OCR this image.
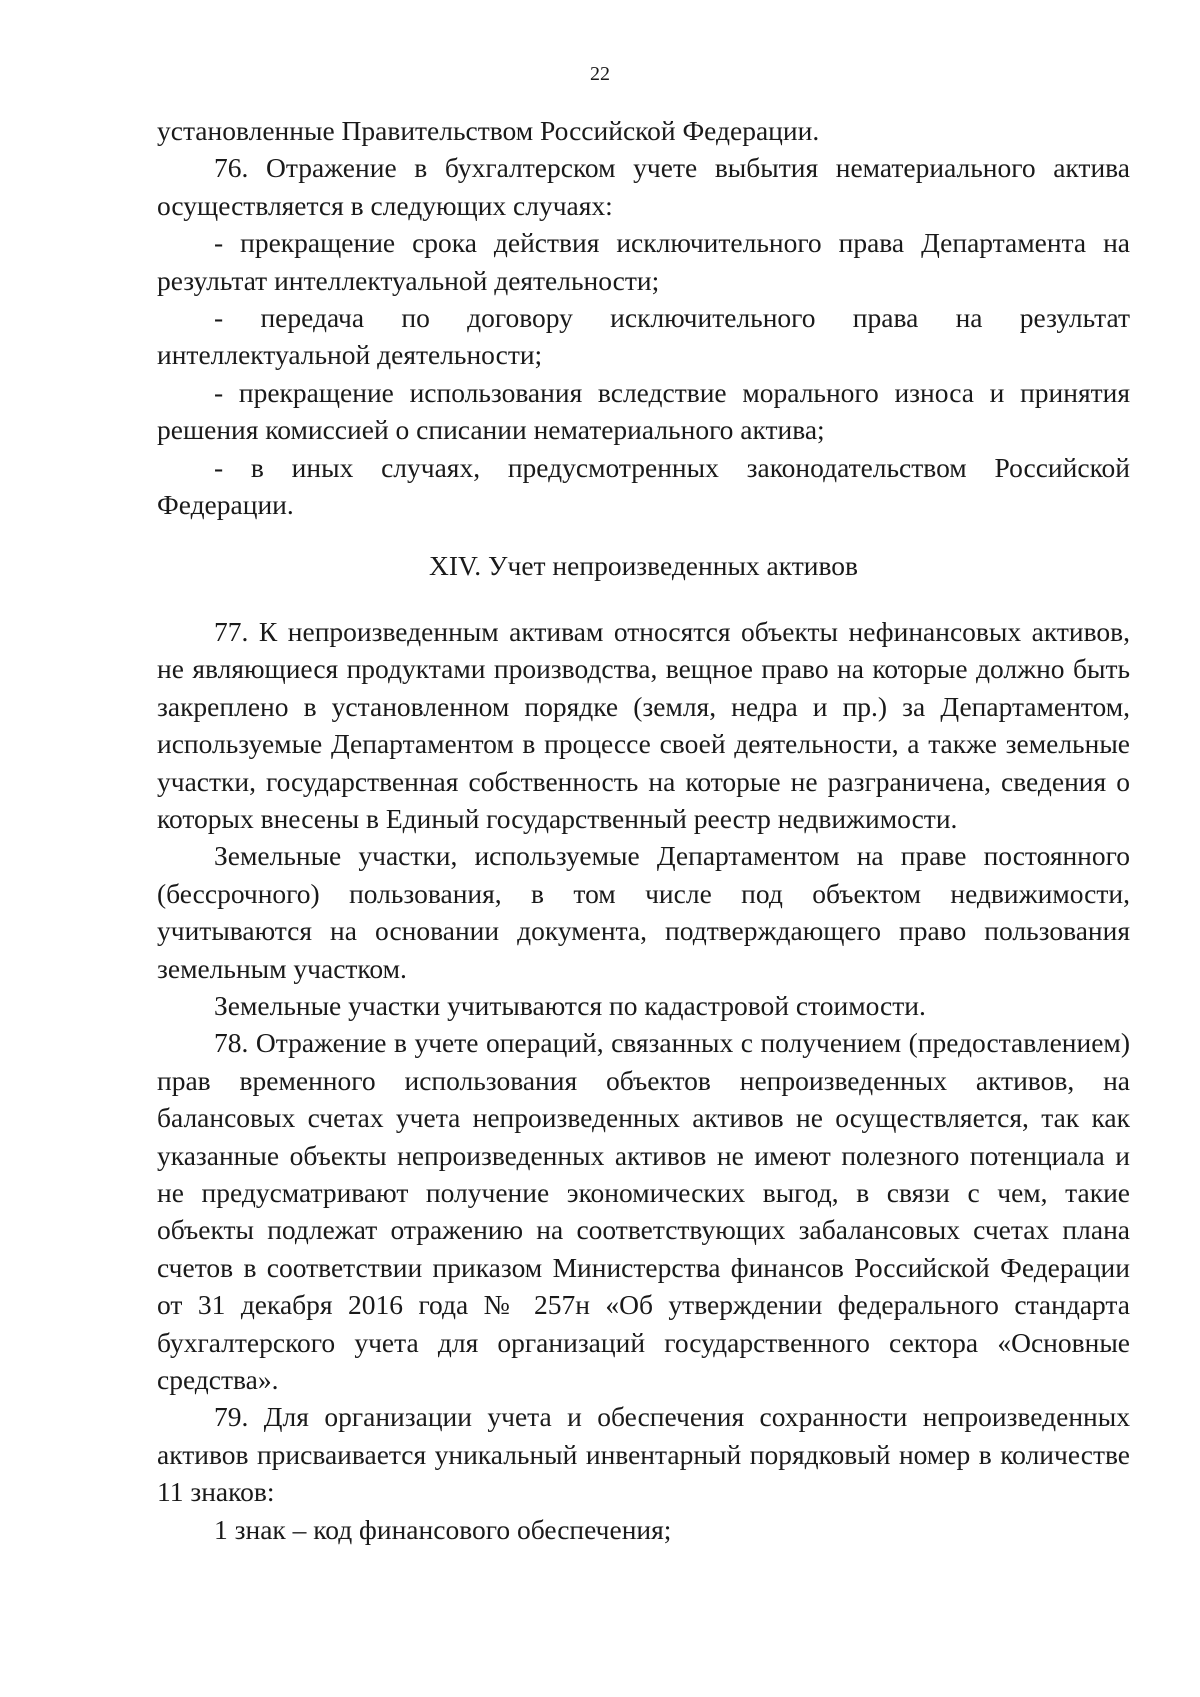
22

установленные Правительством Российской Федерации.

76. Отражение в бухгалтерском учете выбытия нематериального актива осуществляется в следующих случаях:

- прекращение срока действия исключительного права Департамента на результат интеллектуальной деятельности;

- передача по договору исключительного права на результат интеллектуальной деятельности;

- прекращение использования вследствие морального износа и принятия решения комиссией о списании нематериального актива;

- в иных случаях, предусмотренных законодательством Российской Федерации.

XIV. Учет непроизведенных активов

77. К непроизведенным активам относятся объекты нефинансовых активов, не являющиеся продуктами производства, вещное право на которые должно быть закреплено в установленном порядке (земля, недра и пр.) за Департаментом, используемые Департаментом в процессе своей деятельности, а также земельные участки, государственная собственность на которые не разграничена, сведения о которых внесены в Единый государственный реестр недвижимости.

Земельные участки, используемые Департаментом на праве постоянного (бессрочного) пользования, в том числе под объектом недвижимости, учитываются на основании документа, подтверждающего право пользования земельным участком.

Земельные участки учитываются по кадастровой стоимости.

78. Отражение в учете операций, связанных с получением (предоставлением) прав временного использования объектов непроизведенных активов, на балансовых счетах учета непроизведенных активов не осуществляется, так как указанные объекты непроизведенных активов не имеют полезного потенциала и не предусматривают получение экономических выгод, в связи с чем, такие объекты подлежат отражению на соответствующих забалансовых счетах плана счетов в соответствии приказом Министерства финансов Российской Федерации от 31 декабря 2016 года № 257н «Об утверждении федерального стандарта бухгалтерского учета для организаций государственного сектора «Основные средства».

79. Для организации учета и обеспечения сохранности непроизведенных активов присваивается уникальный инвентарный порядковый номер в количестве 11 знаков:

1 знак – код финансового обеспечения;
